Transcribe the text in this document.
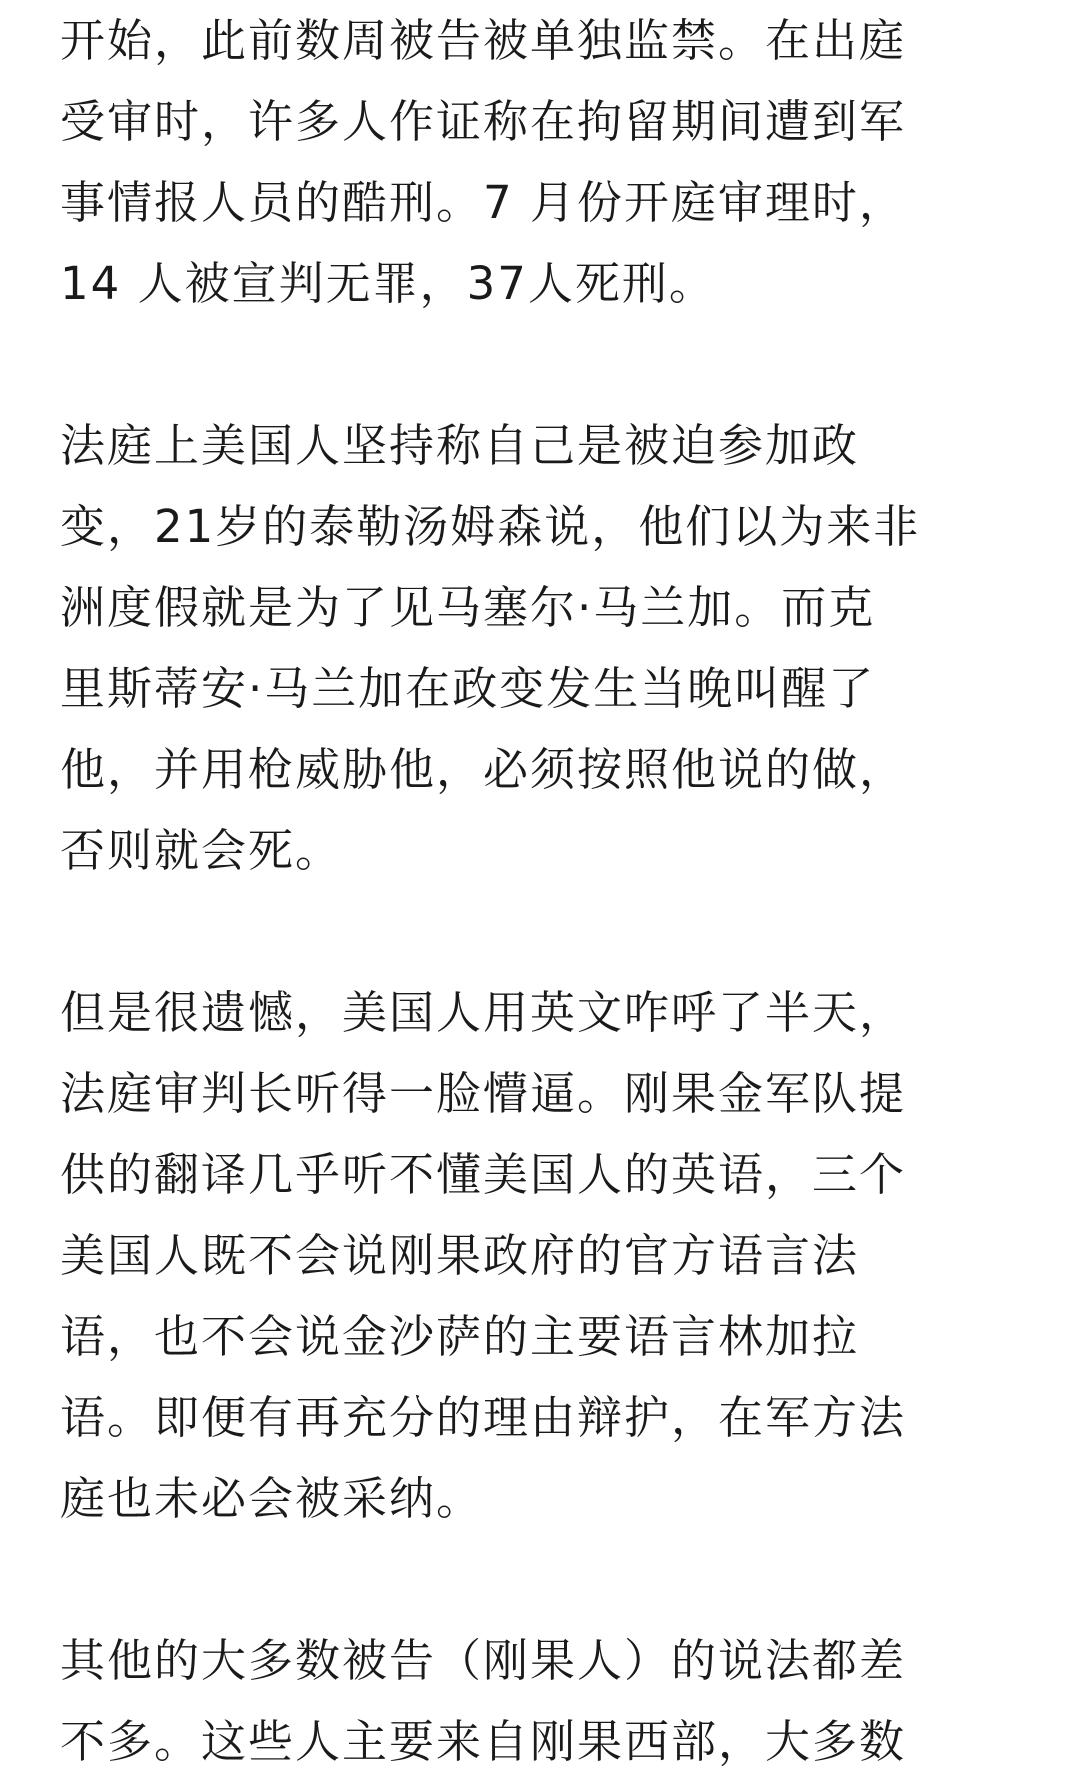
开始，此前数周被告被单独监禁。在出庭
受审时，许多人作证称在拘留期间遭到军
事情报人员的酷刑。7 月份开庭审理时，
14 人被宣判无罪，37人死刑。
法庭上美国人坚持称自己是被迫参加政
变，21岁的泰勒汤姆森说，他们以为来非
洲度假就是为了见马塞尔·马兰加。而克
里斯蒂安·马兰加在政变发生当晚叫醒了
他，并用枪威胁他，必须按照他说的做，
否则就会死。
但是很遗憾，美国人用英文咋呼了半天，
法庭审判长听得一脸懵逼。刚果金军队提
供的翻译几乎听不懂美国人的英语，三个
美国人既不会说刚果政府的官方语言法
语，也不会说金沙萨的主要语言林加拉
语。即便有再充分的理由辩护，在军方法
庭也未必会被采纳。
其他的大多数被告（刚果人）的说法都差
不多。这些人主要来自刚果西部，大多数
